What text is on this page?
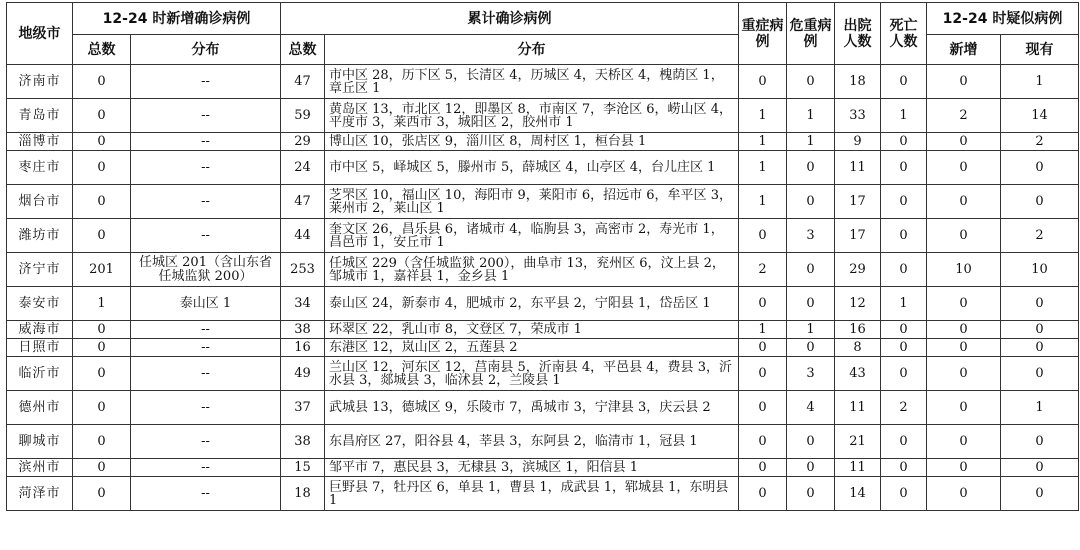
地级市	12-24 时新增确诊病例		累计确诊病例		重症病例	危重病例	出院人数	死亡人数	12-24 时疑似病例	
	总数	分布	总数	分布					新增	现有
济南市	0	--	47	市中区 28，历下区 5，长清区 4，历城区 4，天桥区 4，槐荫区 1，章丘区 1	0	0	18	0	0	1
青岛市	0	--	59	黄岛区 13，市北区 12，即墨区 8，市南区 7，李沧区 6，崂山区 4，平度市 3，莱西市 3，城阳区 2，胶州市 1	1	1	33	1	2	14
淄博市	0	--	29	博山区 10，张店区 9，淄川区 8，周村区 1，桓台县 1	1	1	9	0	0	2
枣庄市	0	--	24	市中区 5，峄城区 5，滕州市 5，薛城区 4，山亭区 4，台儿庄区 1	1	0	11	0	0	0
烟台市	0	--	47	芝罘区 10，福山区 10，海阳市 9，莱阳市 6，招远市 6，牟平区 3，莱州市 2，莱山区 1	1	0	17	0	0	0
潍坊市	0	--	44	奎文区 26，昌乐县 6，诸城市 4，临朐县 3，高密市 2，寿光市 1，昌邑市 1，安丘市 1	0	3	17	0	0	2
济宁市	201	任城区 201（含山东省任城监狱 200）	253	任城区 229（含任城监狱 200），曲阜市 13，兖州区 6，汶上县 2，邹城市 1，嘉祥县 1，金乡县 1	2	0	29	0	10	10
泰安市	1	泰山区 1	34	泰山区 24，新泰市 4，肥城市 2，东平县 2，宁阳县 1，岱岳区 1	0	0	12	1	0	0
威海市	0	--	38	环翠区 22，乳山市 8，文登区 7，荣成市 1	1	1	16	0	0	0
日照市	0	--	16	东港区 12，岚山区 2，五莲县 2	0	0	8	0	0	0
临沂市	0	--	49	兰山区 12，河东区 12，莒南县 5，沂南县 4，平邑县 4，费县 3，沂水县 3，郯城县 3，临沭县 2，兰陵县 1	0	3	43	0	0	0
德州市	0	--	37	武城县 13，德城区 9，乐陵市 7，禹城市 3，宁津县 3，庆云县 2	0	4	11	2	0	1
聊城市	0	--	38	东昌府区 27，阳谷县 4，莘县 3，东阿县 2，临清市 1，冠县 1	0	0	21	0	0	0
滨州市	0	--	15	邹平市 7，惠民县 3，无棣县 3，滨城区 1，阳信县 1	0	0	11	0	0	0
菏泽市	0	--	18	巨野县 7，牡丹区 6，单县 1，曹县 1，成武县 1，郓城县 1，东明县 1	0	0	14	0	0	0
